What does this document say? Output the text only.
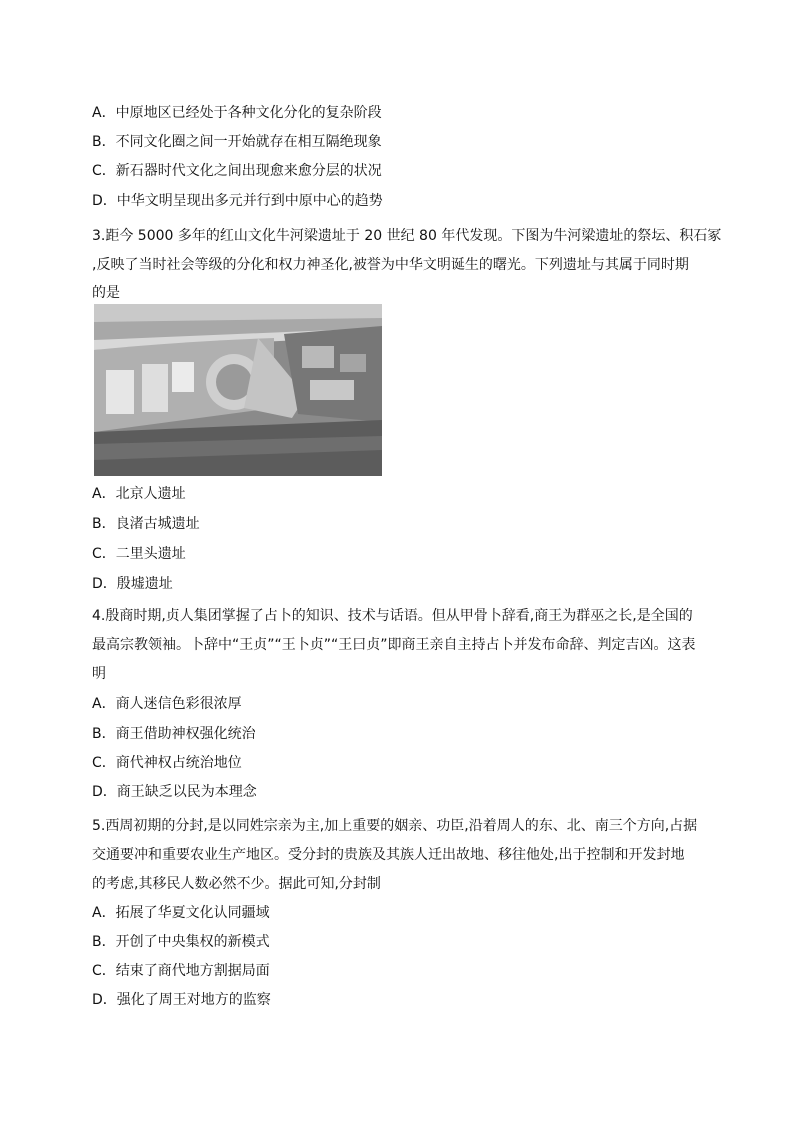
A．中原地区已经处于各种文化分化的复杂阶段
B．不同文化圈之间一开始就存在相互隔绝现象
C．新石器时代文化之间出现愈来愈分层的状况
D．中华文明呈现出多元并行到中原中心的趋势
3.距今 5000 多年的红山文化牛河梁遗址于 20 世纪 80 年代发现。下图为牛河梁遗址的祭坛、积石冢
,反映了当时社会等级的分化和权力神圣化,被誉为中华文明诞生的曙光。下列遗址与其属于同时期
的是
A．北京人遗址
B．良渚古城遗址
C．二里头遗址
D．殷墟遗址
4.殷商时期,贞人集团掌握了占卜的知识、技术与话语。但从甲骨卜辞看,商王为群巫之长,是全国的
最高宗教领袖。卜辞中“王贞”“王卜贞”“王曰贞”即商王亲自主持占卜并发布命辞、判定吉凶。这表
明
A．商人迷信色彩很浓厚
B．商王借助神权强化统治
C．商代神权占统治地位
D．商王缺乏以民为本理念
5.西周初期的分封,是以同姓宗亲为主,加上重要的姻亲、功臣,沿着周人的东、北、南三个方向,占据
交通要冲和重要农业生产地区。受分封的贵族及其族人迁出故地、移往他处,出于控制和开发封地
的考虑,其移民人数必然不少。据此可知,分封制
A．拓展了华夏文化认同疆域
B．开创了中央集权的新模式
C．结束了商代地方割据局面
D．强化了周王对地方的监察
